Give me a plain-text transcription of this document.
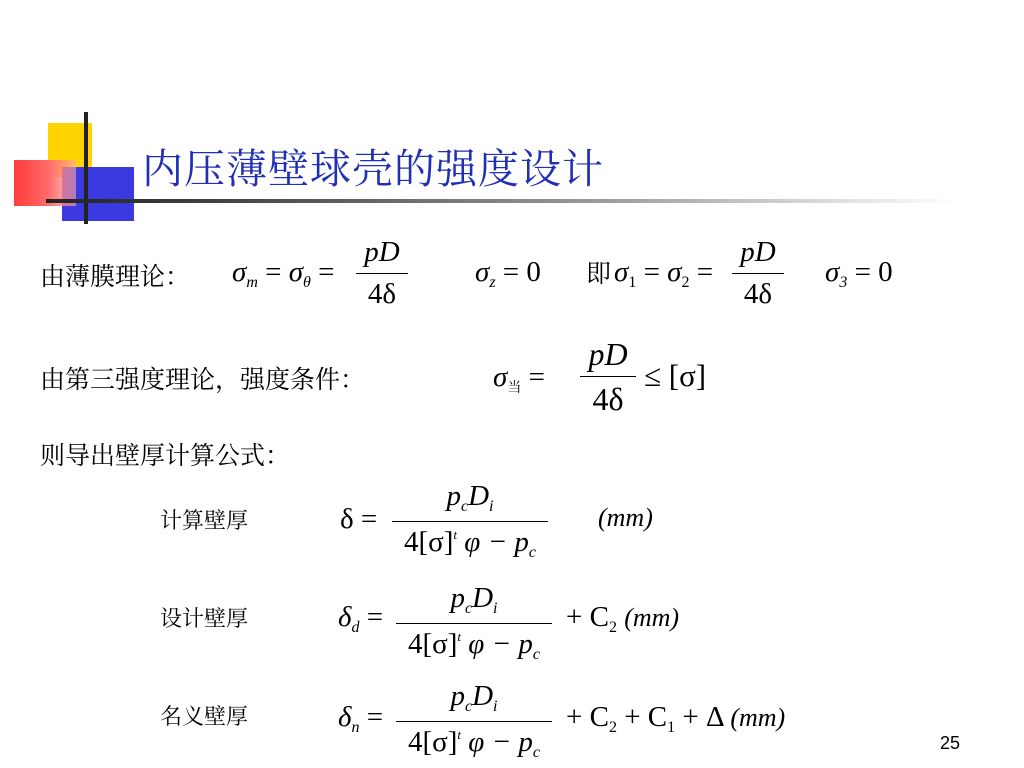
内压薄壁球壳的强度设计
由薄膜理论： $\sigma_m = \sigma_\theta$ =
pD
4δ
$\sigma_z = 0$ 即 $\sigma_1 = \sigma_2$ =
pD
4δ
$\sigma_3 = 0$
由第三强度理论，强度条件：	$\sigma_当$ =
pD
4δ
≤ [σ]
则导出壁厚计算公式：
计算壁厚	δ =
$p_cD_i$
$4[\sigma]^t$ $\varphi - p_c$
(mm)
设计壁厚	$\delta_d$ =
$p_cD_i$
$4[\sigma]^t$ $\varphi - p_c$
+ $C_2$ (mm)
名义壁厚	$\delta_n$ =
$p_cD_i$
$4[\sigma]^t$ $\varphi - p_c$
+ $C_2 + C_1 + \Delta$ (mm)
25
